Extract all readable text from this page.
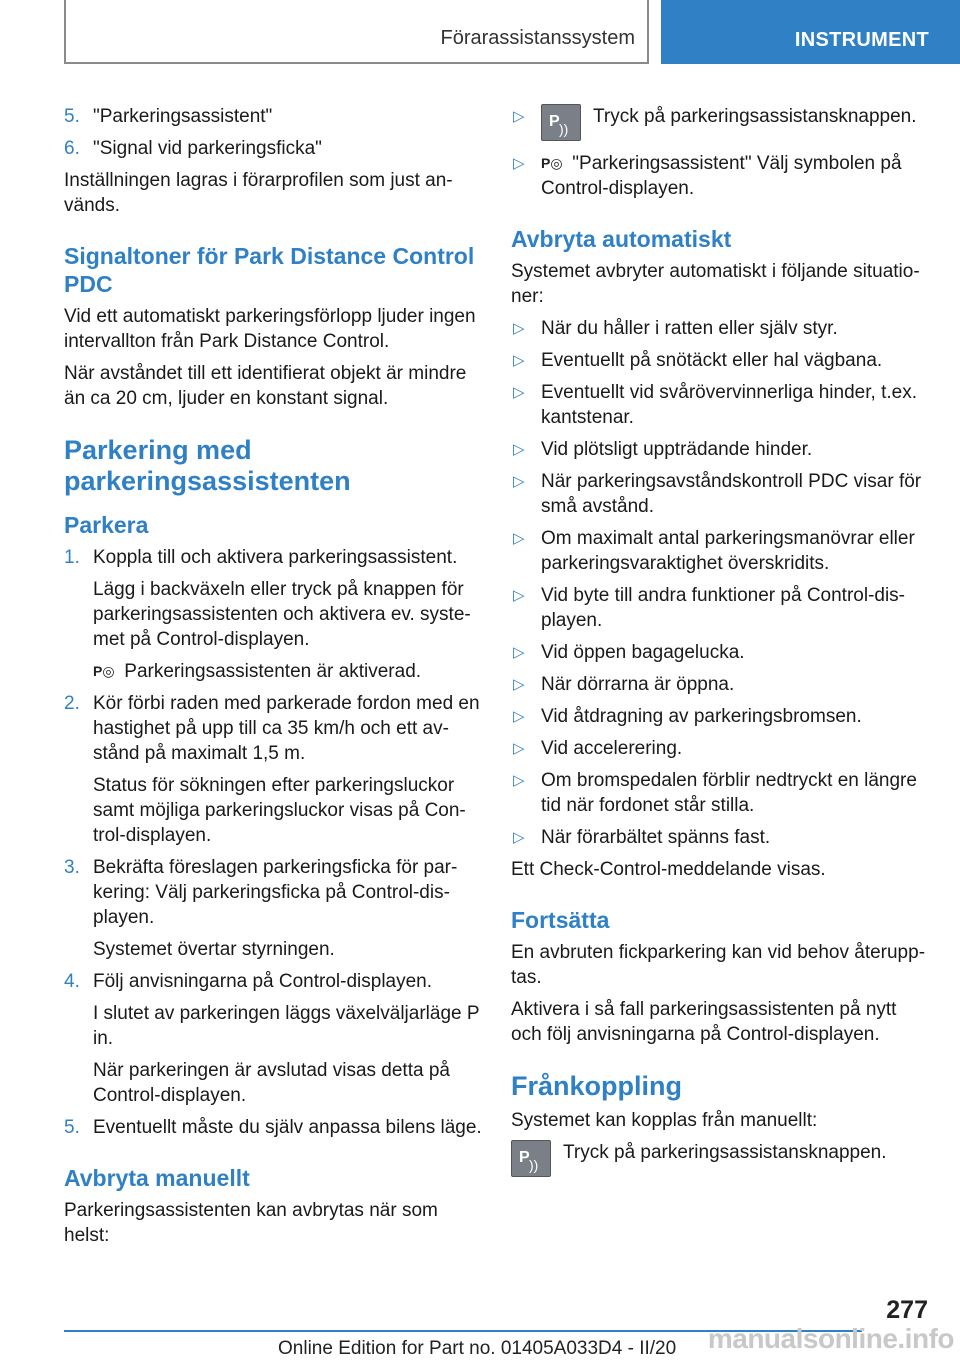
Förarassistanssystem	INSTRUMENT
5. "Parkeringsassistent"
6. "Signal vid parkeringsficka"

Inställningen lagras i förarprofilen som just an-vänds.

Signaltoner för Park Distance Control PDC

Vid ett automatiskt parkeringsförlopp ljuder ingen intervallton från Park Distance Control.

När avståndet till ett identifierat objekt är mindre än ca 20 cm, ljuder en konstant signal.

Parkering med parkeringsassistenten
Parkera
1. Koppla till och aktivera parkeringsassistent.

Lägg i backväxeln eller tryck på knappen för parkeringsassistenten och aktivera ev. syste-met på Control-displayen.

P◎ Parkeringsassistenten är aktiverad.

2. Kör förbi raden med parkerade fordon med en hastighet på upp till ca 35 km/h och ett av-stånd på maximalt 1,5 m.

Status för sökningen efter parkeringsluckor samt möjliga parkeringsluckor visas på Con-trol-displayen.

3. Bekräfta föreslagen parkeringsficka för par-kering: Välj parkeringsficka på Control-dis-playen.

Systemet övertar styrningen.

4. Följ anvisningarna på Control-displayen.

I slutet av parkeringen läggs växelväljarläge P in.

När parkeringen är avslutad visas detta på Control-displayen.

5. Eventuellt måste du själv anpassa bilens läge.

Avbryta manuellt

Parkeringsassistenten kan avbrytas när som helst:

▷ P ))
Tryck på parkeringsassistansknappen.
▷ P◎ "Parkeringsassistent" Välj symbolen på Control-displayen.
Avbryta automatiskt

Systemet avbryter automatiskt i följande situatio-ner:

▷ När du håller i ratten eller själv styr.
▷ Eventuellt på snötäckt eller hal vägbana.
▷ Eventuellt vid svårövervinnerliga hinder, t.ex. kantstenar.
▷ Vid plötsligt uppträdande hinder.
▷ När parkeringsavståndskontroll PDC visar för små avstånd.
▷ Om maximalt antal parkeringsmanövrar eller parkeringsvaraktighet överskridits.
▷ Vid byte till andra funktioner på Control-dis-playen.
▷ Vid öppen bagagelucka.
▷ När dörrarna är öppna.
▷ Vid åtdragning av parkeringsbromsen.
▷ Vid accelerering.
▷ Om bromspedalen förblir nedtryckt en längre tid när fordonet står stilla.
▷ När förarbältet spänns fast.

Ett Check-Control-meddelande visas.

Fortsätta

En avbruten fickparkering kan vid behov återupp-tas.

Aktivera i så fall parkeringsassistenten på nytt och följ anvisningarna på Control-displayen.

Frånkoppling

Systemet kan kopplas från manuellt:

P ))
Tryck på parkeringsassistansknappen.
277
Online Edition for Part no. 01405A033D4 - II/20 manualsonline.info
